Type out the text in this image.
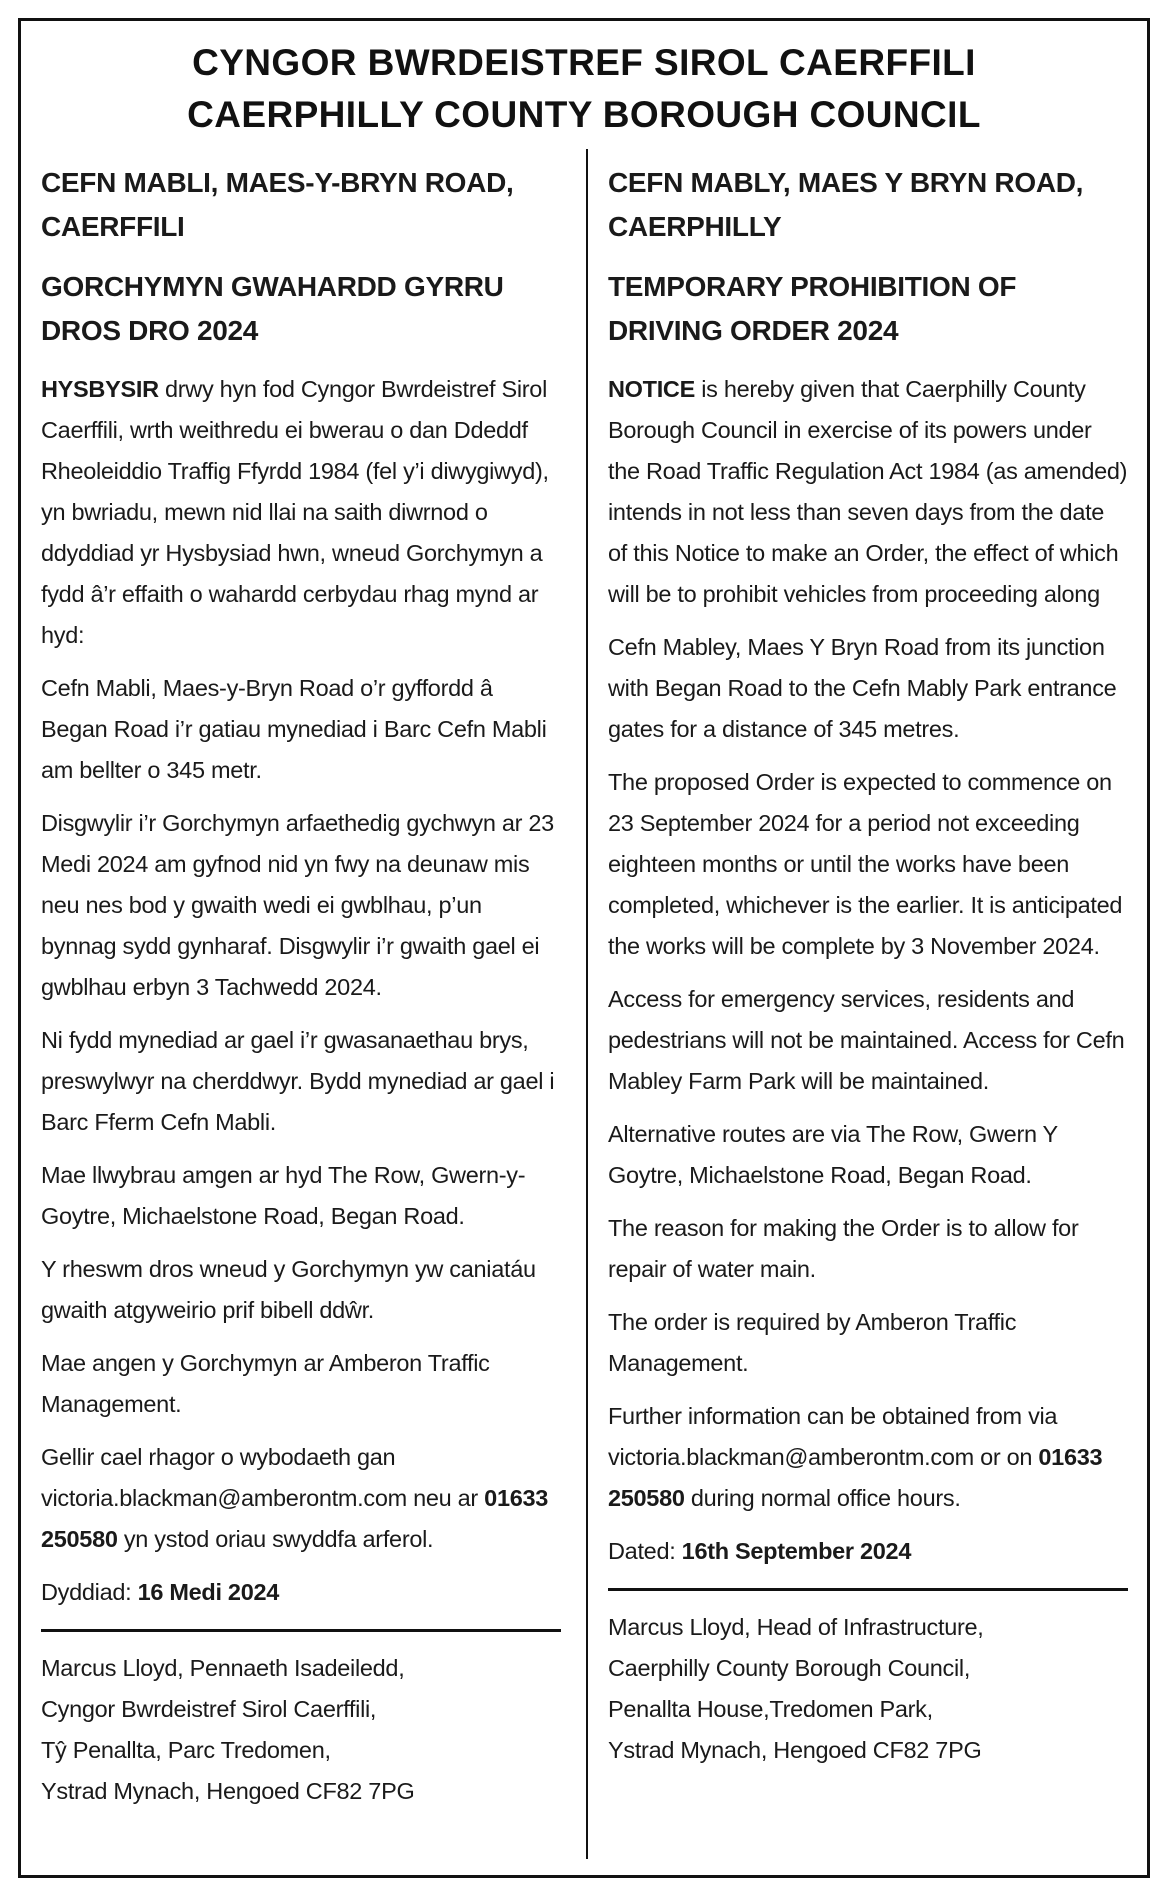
CYNGOR BWRDEISTREF SIROL CAERFFILI
CAERPHILLY COUNTY BOROUGH COUNCIL
CEFN MABLI, MAES-Y-BRYN ROAD, CAERFFILI
GORCHYMYN GWAHARDD GYRRU DROS DRO 2024
HYSBYSIR drwy hyn fod Cyngor Bwrdeistref Sirol Caerffili, wrth weithredu ei bwerau o dan Ddeddf Rheoleiddio Traffig Ffyrdd 1984 (fel y’i diwygiwyd), yn bwriadu, mewn nid llai na saith diwrnod o ddyddiad yr Hysbysiad hwn, wneud Gorchymyn a fydd â’r effaith o wahardd cerbydau rhag mynd ar hyd:
Cefn Mabli, Maes-y-Bryn Road o’r gyffordd â Began Road i’r gatiau mynediad i Barc Cefn Mabli am bellter o 345 metr.
Disgwylir i’r Gorchymyn arfaethedig gychwyn ar 23 Medi 2024 am gyfnod nid yn fwy na deunaw mis neu nes bod y gwaith wedi ei gwblhau, p’un bynnag sydd gynharaf. Disgwylir i’r gwaith gael ei gwblhau erbyn 3 Tachwedd 2024.
Ni fydd mynediad ar gael i’r gwasanaethau brys, preswylwyr na cherddwyr. Bydd mynediad ar gael i Barc Fferm Cefn Mabli.
Mae llwybrau amgen ar hyd The Row, Gwern-y-Goytre, Michaelstone Road, Began Road.
Y rheswm dros wneud y Gorchymyn yw caniatáu gwaith atgyweirio prif bibell ddŵr.
Mae angen y Gorchymyn ar Amberon Traffic Management.
Gellir cael rhagor o wybodaeth gan victoria.blackman@amberontm.com neu ar 01633 250580 yn ystod oriau swyddfa arferol.
Dyddiad: 16 Medi 2024
Marcus Lloyd, Pennaeth Isadeiledd,
Cyngor Bwrdeistref Sirol Caerffili,
Tŷ Penallta, Parc Tredomen,
Ystrad Mynach, Hengoed CF82 7PG
CEFN MABLY, MAES Y BRYN ROAD, CAERPHILLY
TEMPORARY PROHIBITION OF DRIVING ORDER 2024
NOTICE is hereby given that Caerphilly County Borough Council in exercise of its powers under the Road Traffic Regulation Act 1984 (as amended) intends in not less than seven days from the date of this Notice to make an Order, the effect of which will be to prohibit vehicles from proceeding along
Cefn Mabley, Maes Y Bryn Road from its junction with Began Road to the Cefn Mably Park entrance gates for a distance of 345 metres.
The proposed Order is expected to commence on 23 September 2024 for a period not exceeding eighteen months or until the works have been completed, whichever is the earlier. It is anticipated the works will be complete by 3 November 2024.
Access for emergency services, residents and pedestrians will not be maintained. Access for Cefn Mabley Farm Park will be maintained.
Alternative routes are via The Row, Gwern Y Goytre, Michaelstone Road, Began Road.
The reason for making the Order is to allow for repair of water main.
The order is required by Amberon Traffic Management.
Further information can be obtained from via victoria.blackman@amberontm.com or on 01633 250580 during normal office hours.
Dated: 16th September 2024
Marcus Lloyd, Head of Infrastructure,
Caerphilly County Borough Council,
Penallta House,Tredomen Park,
Ystrad Mynach, Hengoed CF82 7PG
